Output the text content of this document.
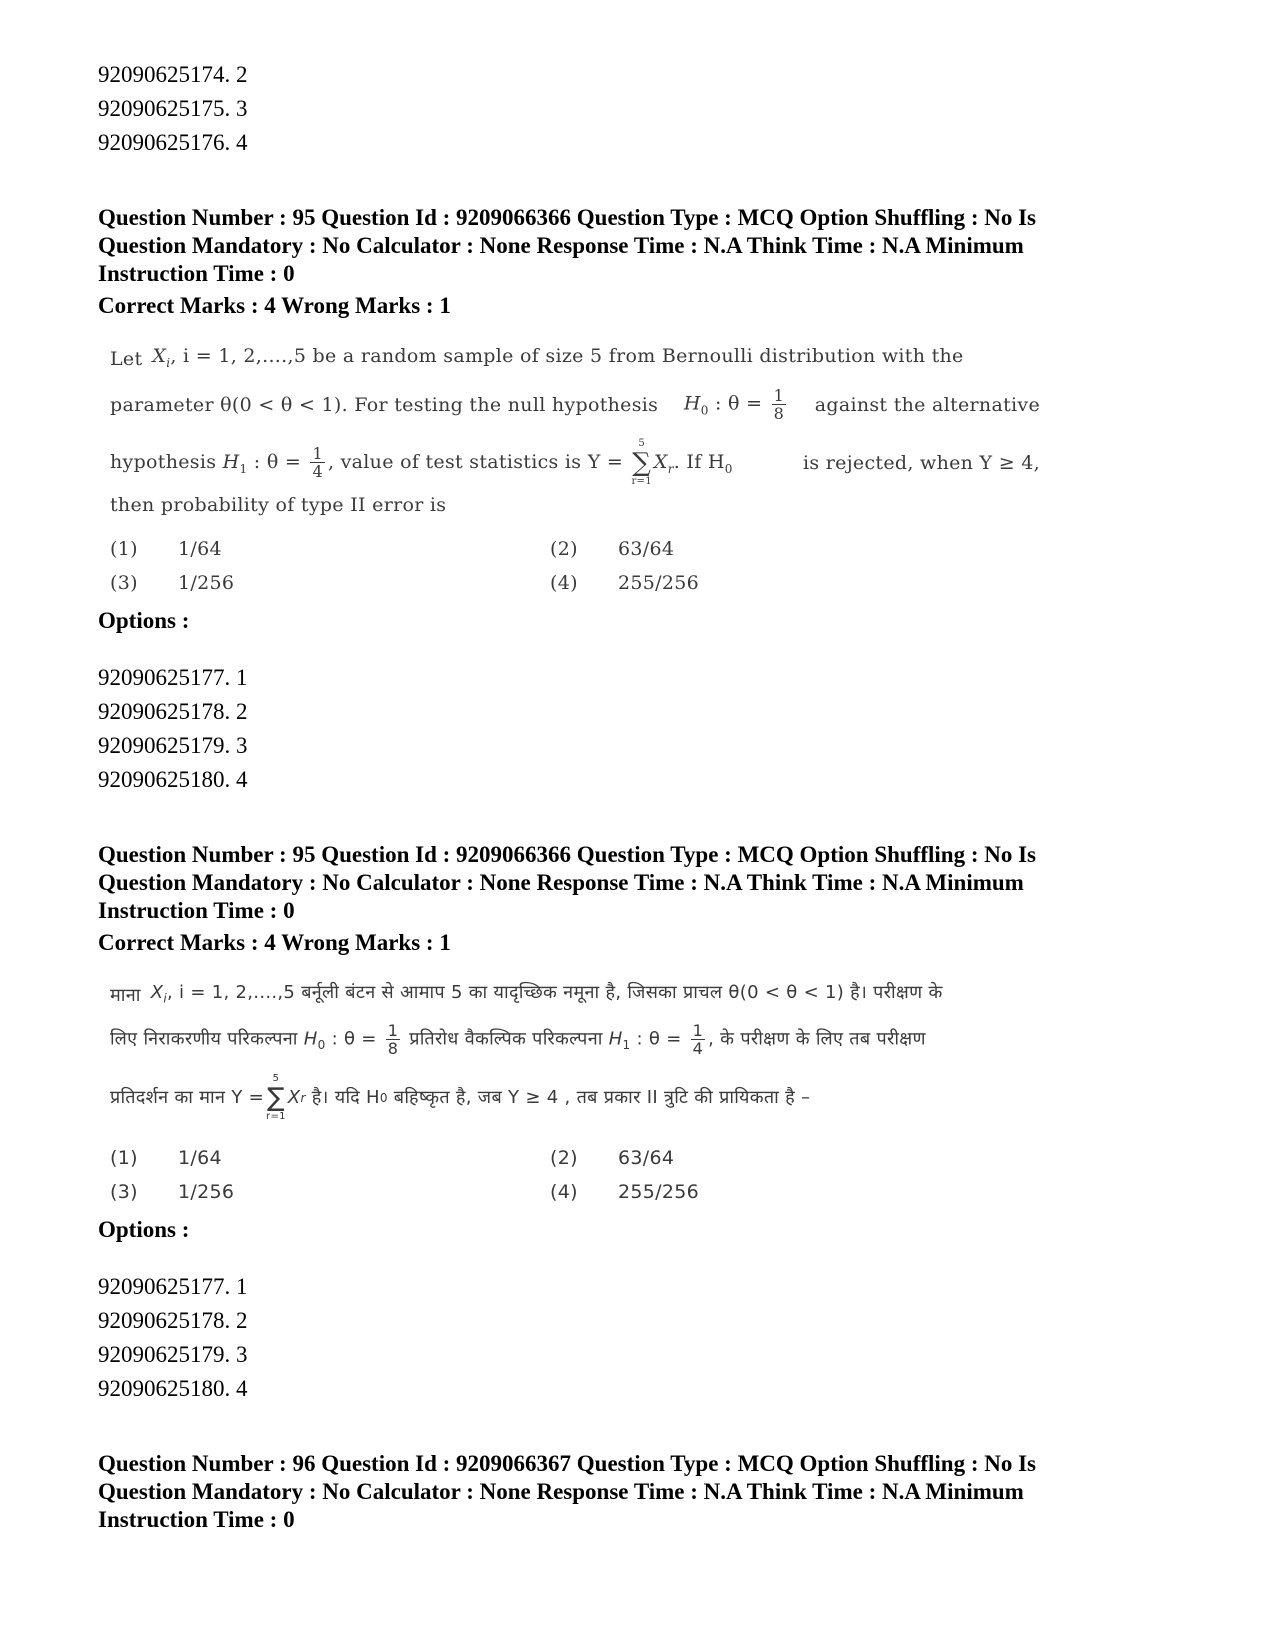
92090625174. 2

92090625175. 3

92090625176. 4

Question Number : 95 Question Id : 9209066366 Question Type : MCQ Option Shuffling : No Is

Question Mandatory : No Calculator : None Response Time : N.A Think Time : N.A Minimum

Instruction Time : 0

Correct Marks : 4 Wrong Marks : 1

Let $X_i$, i = 1, 2,....,5 be a random sample of size 5 from Bernoulli distribution with the
parameter θ(0 < θ < 1). For testing the null hypothesis $H_0$ : $\theta = \frac{1}{8}$ against the alternative
hypothesis $H_1$ : $\theta = \frac{1}{4}$ , value of test statistics is Y =
5
∑
r=1
$X_r$. If $H_0$	is rejected, when Y ≥ 4,
then probability of type II error is
(1) 1/64	(2) 63/64
(3) 1/256	(4) 255/256

Options :

92090625177. 1

92090625178. 2

92090625179. 3

92090625180. 4

Question Number : 95 Question Id : 9209066366 Question Type : MCQ Option Shuffling : No Is

Question Mandatory : No Calculator : None Response Time : N.A Think Time : N.A Minimum

Instruction Time : 0

Correct Marks : 4 Wrong Marks : 1

माना $X_i$, i = 1, 2,....,5 बर्नूली बंटन से आमाप 5 का यादृच्छिक नमूना है, जिसका प्राचल θ(0 < θ < 1) है। परीक्षण के
लिए निराकरणीय परिकल्पना $H_0$ : $\theta = \frac{1}{8}$ प्रतिरोध वैकल्पिक परिकल्पना $H_1$ : $\theta = \frac{1}{4}$ , के परीक्षण के लिए तब परीक्षण
प्रतिदर्शन का मान Y =
5
∑
r=1
X r
है। यदि H 0
बहिष्कृत है, जब Y ≥ 4 , तब प्रकार II त्रुटि की प्रायिकता है –
(1) 1/64	(2) 63/64
(3) 1/256	(4) 255/256

Options :

92090625177. 1

92090625178. 2

92090625179. 3

92090625180. 4

Question Number : 96 Question Id : 9209066367 Question Type : MCQ Option Shuffling : No Is

Question Mandatory : No Calculator : None Response Time : N.A Think Time : N.A Minimum

Instruction Time : 0
